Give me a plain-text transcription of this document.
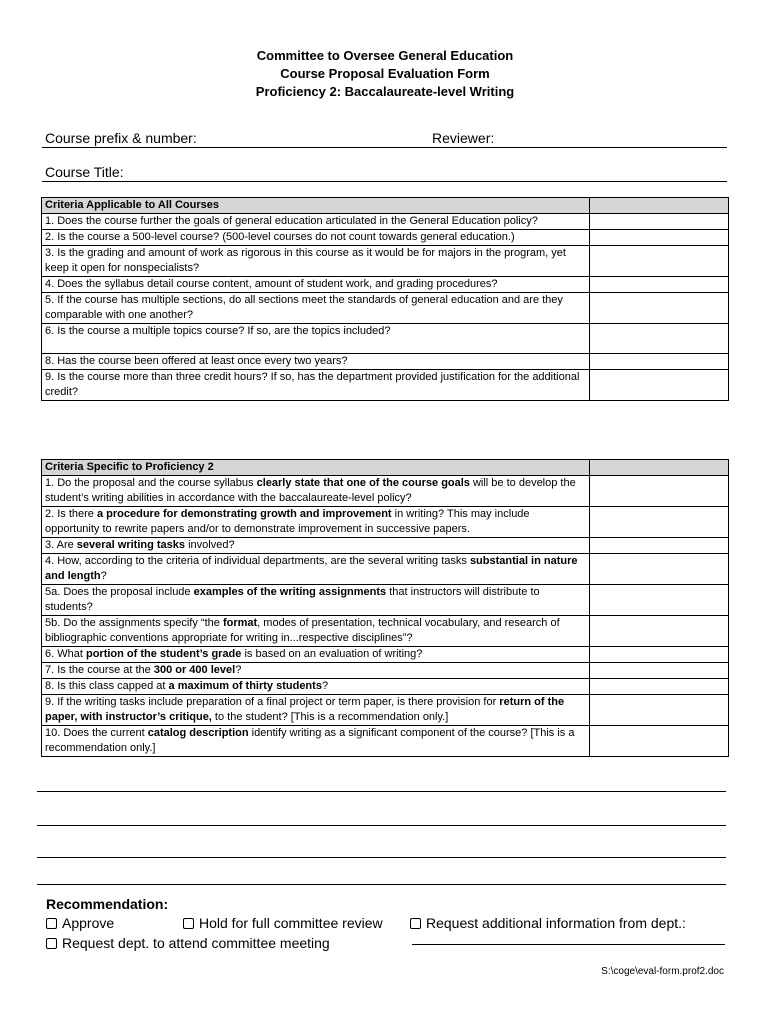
Committee to Oversee General Education
Course Proposal Evaluation Form
Proficiency 2: Baccalaureate-level Writing
Course prefix & number:	Reviewer:
Course Title:
Criteria Applicable to All Courses	
1. Does the course further the goals of general education articulated in the General Education policy?	
2. Is the course a 500-level course? (500-level courses do not count towards general education.)	
3. Is the grading and amount of work as rigorous in this course as it would be for majors in the program, yet keep it open for nonspecialists?	
4. Does the syllabus detail course content, amount of student work, and grading procedures?	
5. If the course has multiple sections, do all sections meet the standards of general education and are they comparable with one another?	
6. Is the course a multiple topics course? If so, are the topics included?	
8. Has the course been offered at least once every two years?	
9. Is the course more than three credit hours? If so, has the department provided justification for the additional credit?	
Criteria Specific to Proficiency 2	
1. Do the proposal and the course syllabus clearly state that one of the course goals will be to develop the student’s writing abilities in accordance with the baccalaureate-level policy?	
2. Is there a procedure for demonstrating growth and improvement in writing? This may include opportunity to rewrite papers and/or to demonstrate improvement in successive papers.	
3. Are several writing tasks involved?	
4. How, according to the criteria of individual departments, are the several writing tasks substantial in nature and length?	
5a. Does the proposal include examples of the writing assignments that instructors will distribute to students?	
5b. Do the assignments specify “the format, modes of presentation, technical vocabulary, and research of bibliographic conventions appropriate for writing in...respective disciplines”?	
6. What portion of the student’s grade is based on an evaluation of writing?	
7. Is the course at the 300 or 400 level?	
8. Is this class capped at a maximum of thirty students?	
9. If the writing tasks include preparation of a final project or term paper, is there provision for return of the paper, with instructor’s critique, to the student? [This is a recommendation only.]	
10. Does the current catalog description identify writing as a significant component of the course? [This is a recommendation only.]	
Recommendation:
Approve	Hold for full committee review	Request additional information from dept.:
Request dept. to attend committee meeting
S:\coge\eval-form.prof2.doc
